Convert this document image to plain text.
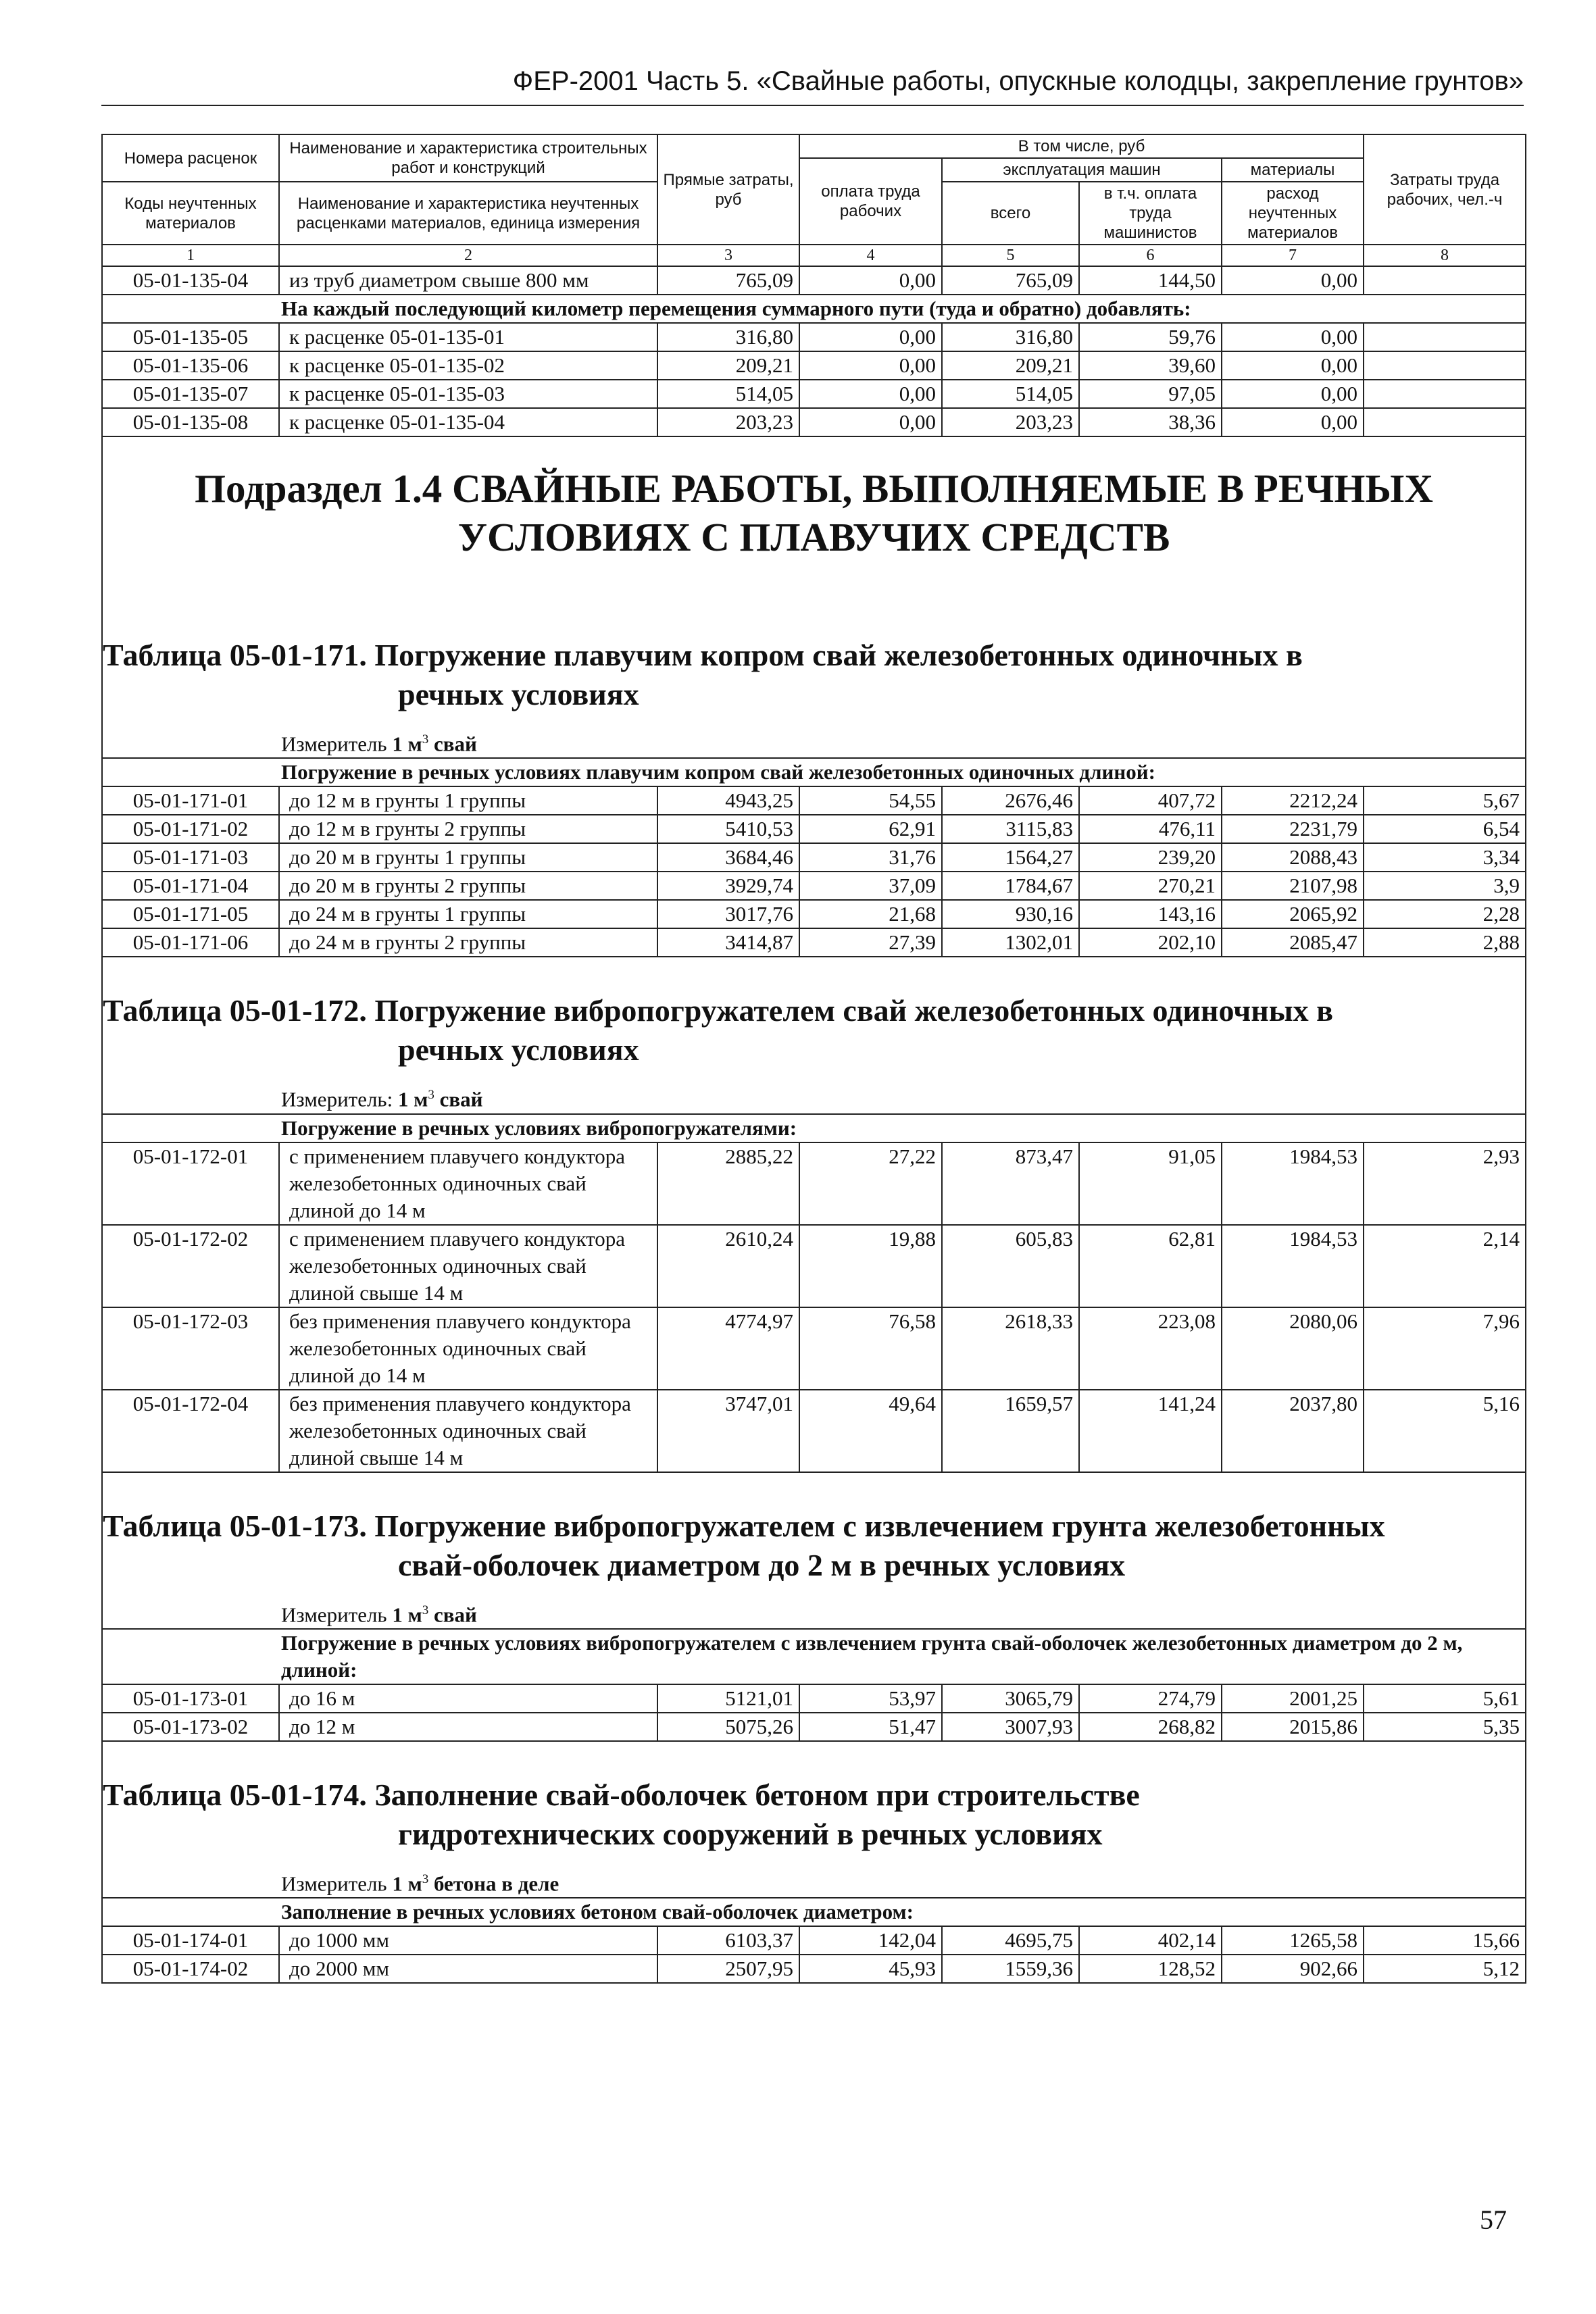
ФЕР-2001 Часть 5. «Свайные работы, опускные колодцы, закрепление грунтов»
Номера расценок	Наименование и характеристика строительных работ и конструкций	Прямые затраты, руб	В том числе, руб				Затраты труда рабочих, чел.-ч
			оплата труда рабочих	эксплуатация машин		материалы	
Коды неучтенных материалов	Наименование и характеристика неучтенных расценками материалов, единица измерения			всего	в т.ч. оплата труда машинистов	расход неучтенных материалов	

1	2	3	4	5	6	7	8
05-01-135-04	из труб диаметром свыше 800 мм	765,09	0,00	765,09	144,50	0,00	
На каждый последующий километр перемещения суммарного пути (туда и обратно) добавлять:							
05-01-135-05	к расценке 05-01-135-01	316,80	0,00	316,80	59,76	0,00	
05-01-135-06	к расценке 05-01-135-02	209,21	0,00	209,21	39,60	0,00	
05-01-135-07	к расценке 05-01-135-03	514,05	0,00	514,05	97,05	0,00	
05-01-135-08	к расценке 05-01-135-04	203,23	0,00	203,23	38,36	0,00	

Подраздел 1.4 СВАЙНЫЕ РАБОТЫ, ВЫПОЛНЯЕМЫЕ В РЕЧНЫХ
УСЛОВИЯХ С ПЛАВУЧИХ СРЕДСТВ							

Таблица 05-01-171. Погружение плавучим копром свай железобетонных одиночных в
речных условиях
Измеритель 1 $м^3$ свай							

Погружение в речных условиях плавучим копром свай железобетонных одиночных длиной:							
05-01-171-01	до 12 м в грунты 1 группы	4943,25	54,55	2676,46	407,72	2212,24	5,67
05-01-171-02	до 12 м в грунты 2 группы	5410,53	62,91	3115,83	476,11	2231,79	6,54
05-01-171-03	до 20 м в грунты 1 группы	3684,46	31,76	1564,27	239,20	2088,43	3,34
05-01-171-04	до 20 м в грунты 2 группы	3929,74	37,09	1784,67	270,21	2107,98	3,9
05-01-171-05	до 24 м в грунты 1 группы	3017,76	21,68	930,16	143,16	2065,92	2,28
05-01-171-06	до 24 м в грунты 2 группы	3414,87	27,39	1302,01	202,10	2085,47	2,88

Таблица 05-01-172. Погружение вибропогружателем свай железобетонных одиночных в
речных условиях
Измеритель: 1 $м^3$ свай							

Погружение в речных условиях вибропогружателями:							
05-01-172-01	с применением плавучего кондуктора железобетонных одиночных свай длиной до 14 м	2885,22	27,22	873,47	91,05	1984,53	2,93
05-01-172-02	с применением плавучего кондуктора железобетонных одиночных свай длиной свыше 14 м	2610,24	19,88	605,83	62,81	1984,53	2,14
05-01-172-03	без применения плавучего кондуктора железобетонных одиночных свай длиной до 14 м	4774,97	76,58	2618,33	223,08	2080,06	7,96
05-01-172-04	без применения плавучего кондуктора железобетонных одиночных свай длиной свыше 14 м	3747,01	49,64	1659,57	141,24	2037,80	5,16

Таблица 05-01-173. Погружение вибропогружателем с извлечением грунта железобетонных
свай-оболочек диаметром до 2 м в речных условиях
Измеритель 1 $м^3$ свай							

Погружение в речных условиях вибропогружателем с извлечением грунта свай-оболочек железобетонных диаметром до 2 м, длиной:							
05-01-173-01	до 16 м	5121,01	53,97	3065,79	274,79	2001,25	5,61
05-01-173-02	до 12 м	5075,26	51,47	3007,93	268,82	2015,86	5,35

Таблица 05-01-174. Заполнение свай-оболочек бетоном при строительстве
гидротехнических сооружений в речных условиях
Измеритель 1 $м^3$ бетона в деле							

Заполнение в речных условиях бетоном свай-оболочек диаметром:							
05-01-174-01	до 1000 мм	6103,37	142,04	4695,75	402,14	1265,58	15,66
05-01-174-02	до 2000 мм	2507,95	45,93	1559,36	128,52	902,66	5,12
57
